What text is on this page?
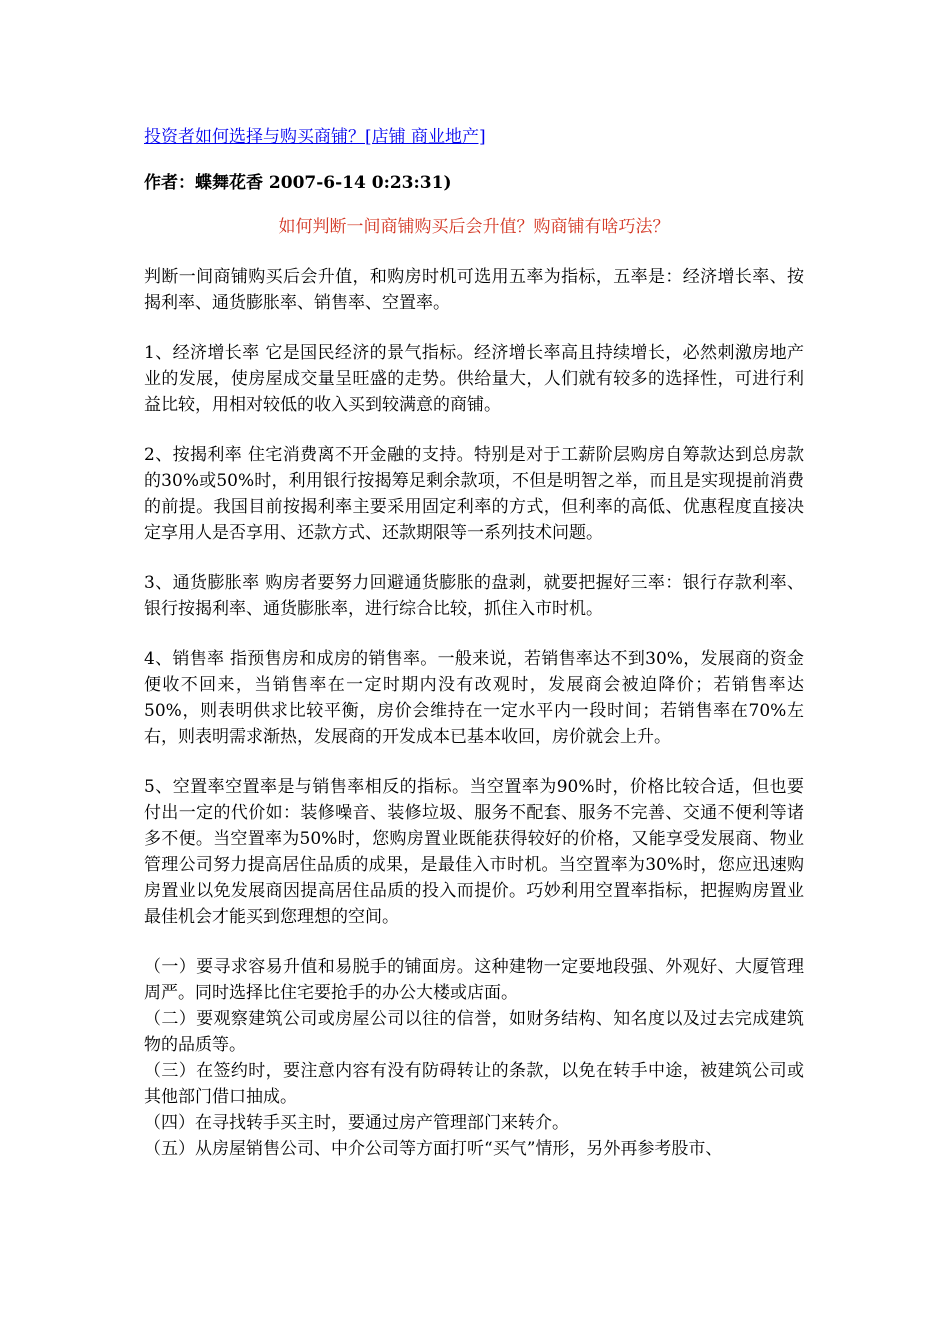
投资者如何选择与购买商铺？[店铺 商业地产]
作者：蝶舞花香 2007-6-14 0:23:31)
如何判断一间商铺购买后会升值？购商铺有啥巧法？

判断一间商铺购买后会升值，和购房时机可选用五率为指标，五率是：经济增长率、按揭利率、通货膨胀率、销售率、空置率。

1、经济增长率 它是国民经济的景气指标。经济增长率高且持续增长，必然刺激房地产业的发展，使房屋成交量呈旺盛的走势。供给量大，人们就有较多的选择性，可进行利益比较，用相对较低的收入买到较满意的商铺。

2、按揭利率 住宅消费离不开金融的支持。特别是对于工薪阶层购房自筹款达到总房款的30%或50%时，利用银行按揭筹足剩余款项，不但是明智之举，而且是实现提前消费的前提。我国目前按揭利率主要采用固定利率的方式，但利率的高低、优惠程度直接决定享用人是否享用、还款方式、还款期限等一系列技术问题。

3、通货膨胀率 购房者要努力回避通货膨胀的盘剥，就要把握好三率：银行存款利率、银行按揭利率、通货膨胀率，进行综合比较，抓住入市时机。

4、销售率 指预售房和成房的销售率。一般来说，若销售率达不到30%，发展商的资金便收不回来，当销售率在一定时期内没有改观时，发展商会被迫降价；若销售率达50%，则表明供求比较平衡，房价会维持在一定水平内一段时间；若销售率在70%左右，则表明需求渐热，发展商的开发成本已基本收回，房价就会上升。

5、空置率空置率是与销售率相反的指标。当空置率为90%时，价格比较合适，但也要付出一定的代价如：装修噪音、装修垃圾、服务不配套、服务不完善、交通不便利等诸多不便。当空置率为50%时，您购房置业既能获得较好的价格，又能享受发展商、物业管理公司努力提高居住品质的成果，是最佳入市时机。当空置率为30%时，您应迅速购房置业以免发展商因提高居住品质的投入而提价。巧妙利用空置率指标，把握购房置业最佳机会才能买到您理想的空间。

（一）要寻求容易升值和易脱手的铺面房。这种建物一定要地段强、外观好、大厦管理周严。同时选择比住宅要抢手的办公大楼或店面。
（二）要观察建筑公司或房屋公司以往的信誉，如财务结构、知名度以及过去完成建筑物的品质等。
（三）在签约时，要注意内容有没有防碍转让的条款，以免在转手中途，被建筑公司或其他部门借口抽成。
（四）在寻找转手买主时，要通过房产管理部门来转介。
（五）从房屋销售公司、中介公司等方面打听“买气”情形，另外再参考股市、
